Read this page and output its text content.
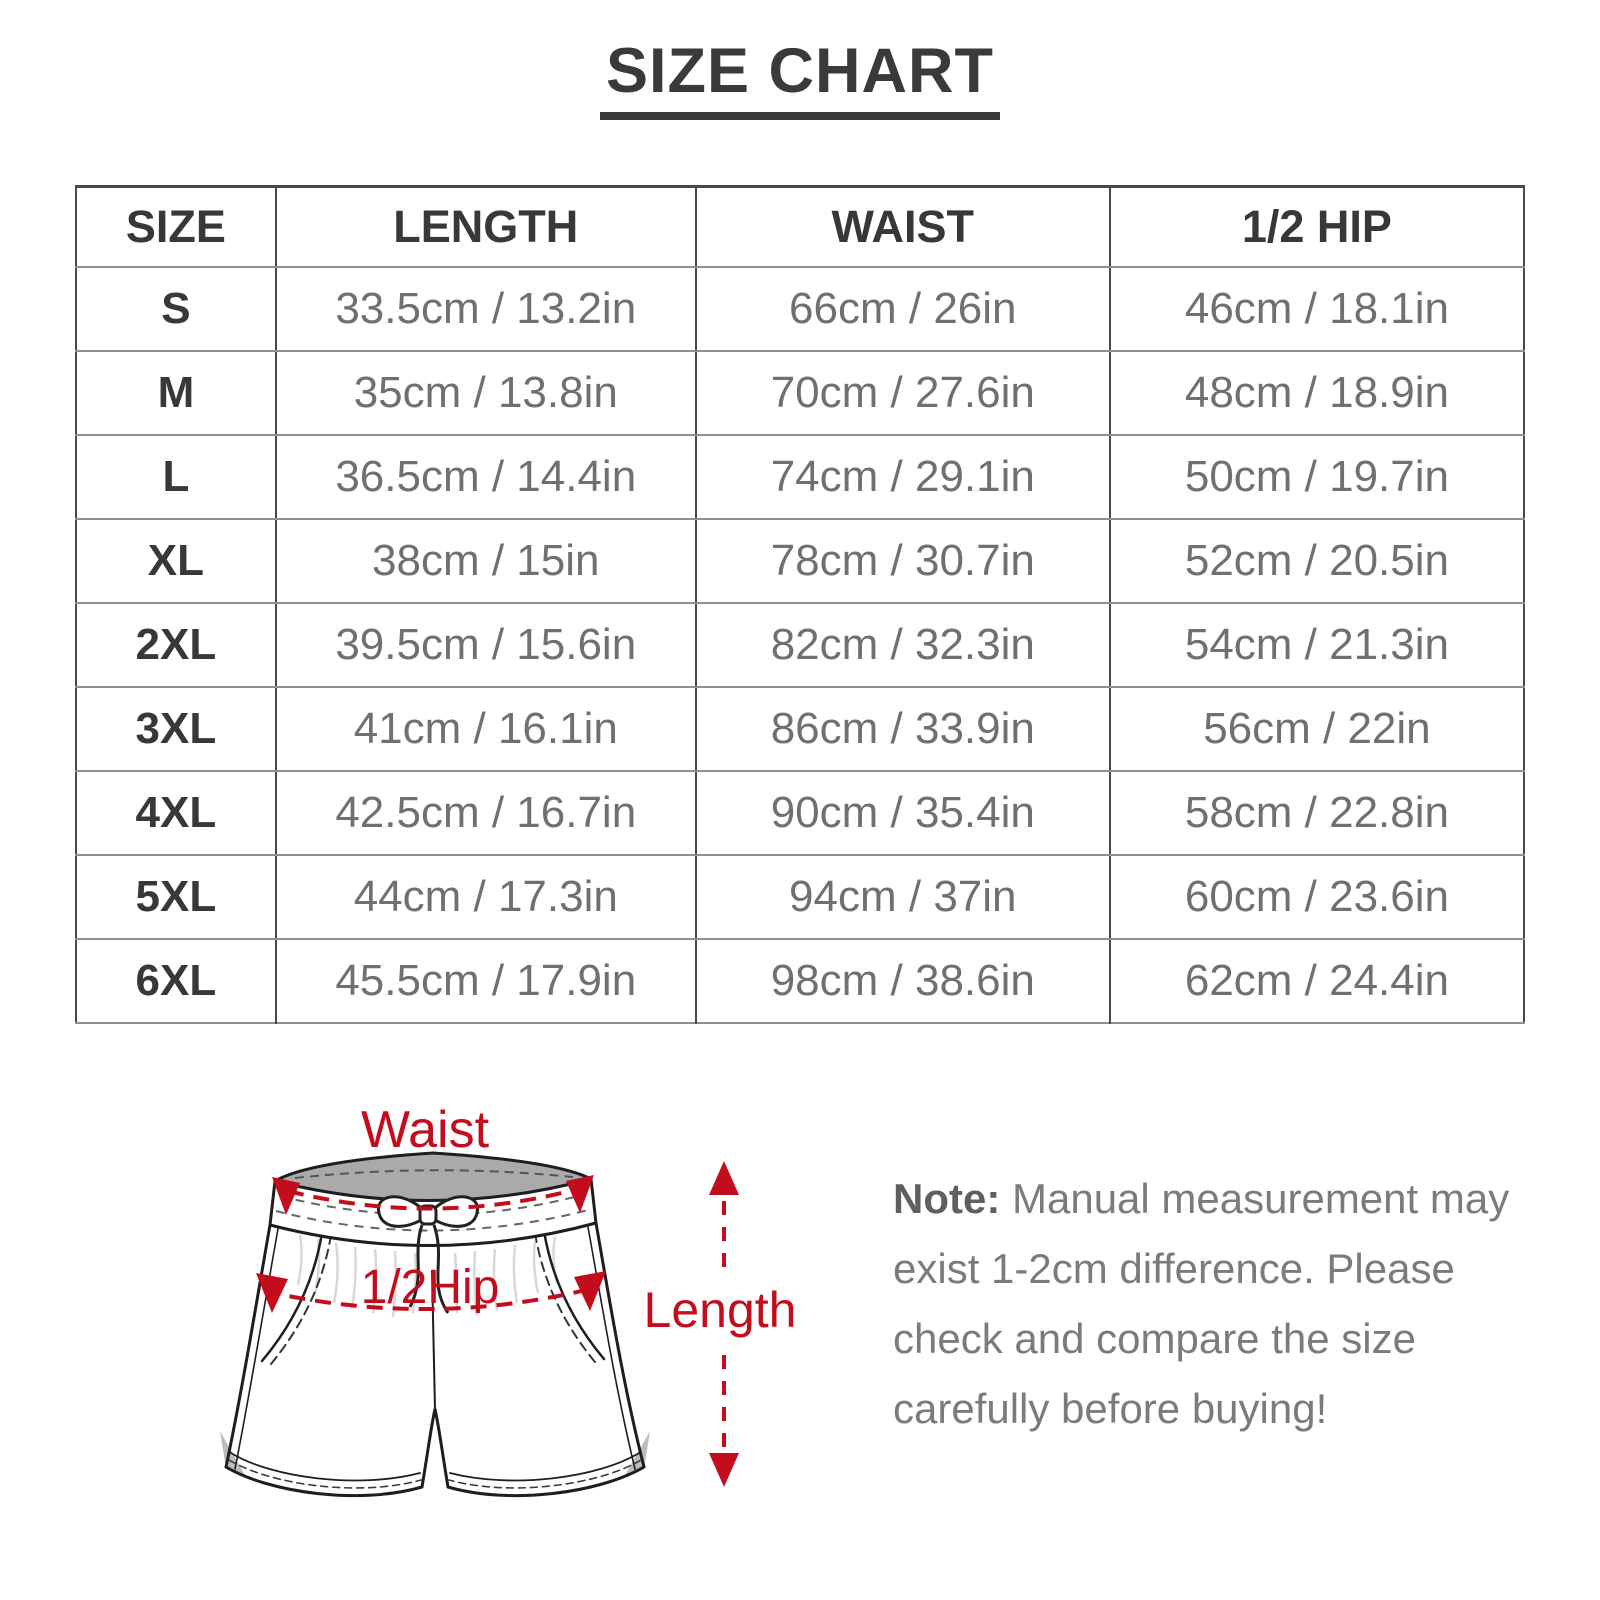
SIZE CHART
SIZE	LENGTH	WAIST	1/2 HIP
S	33.5cm / 13.2in	66cm / 26in	46cm / 18.1in
M	35cm / 13.8in	70cm / 27.6in	48cm / 18.9in
L	36.5cm / 14.4in	74cm / 29.1in	50cm / 19.7in
XL	38cm / 15in	78cm / 30.7in	52cm / 20.5in
2XL	39.5cm / 15.6in	82cm / 32.3in	54cm / 21.3in
3XL	41cm / 16.1in	86cm / 33.9in	56cm / 22in
4XL	42.5cm / 16.7in	90cm / 35.4in	58cm / 22.8in
5XL	44cm / 17.3in	94cm / 37in	60cm / 23.6in
6XL	45.5cm / 17.9in	98cm / 38.6in	62cm / 24.4in
Waist
1/2Hip	Length

Note: Manual measurement may exist 1-2cm difference. Please check and compare the size carefully before buying!
